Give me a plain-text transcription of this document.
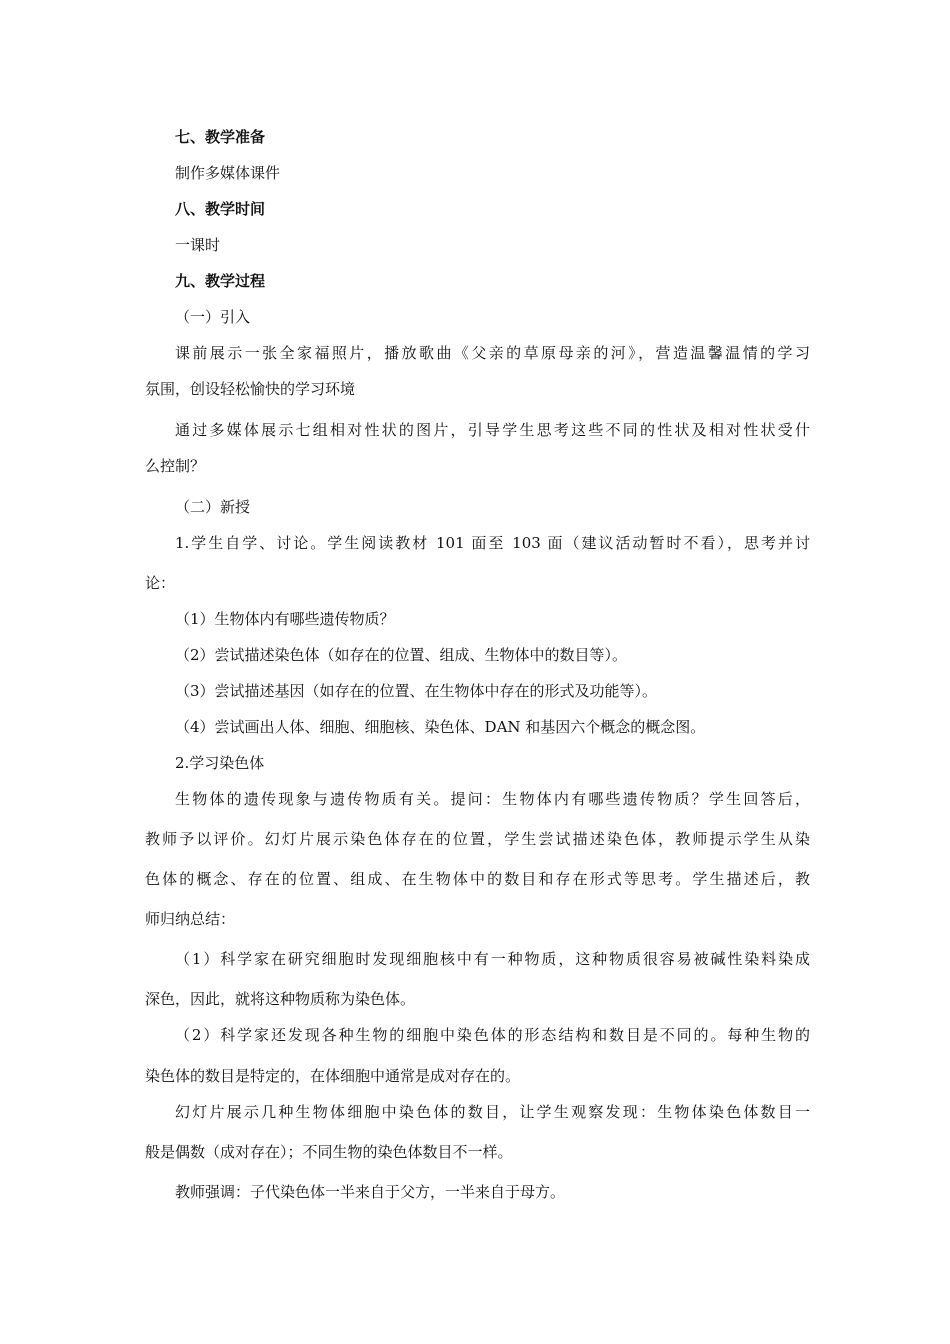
七、教学准备
制作多媒体课件
八、教学时间
一课时
九、教学过程
（一）引入
课前展示一张全家福照片，播放歌曲《父亲的草原母亲的河》，营造温馨温情的学习
氛围，创设轻松愉快的学习环境
通过多媒体展示七组相对性状的图片，引导学生思考这些不同的性状及相对性状受什
么控制？
（二）新授
1.学生自学、讨论。学生阅读教材 101 面至 103 面（建议活动暂时不看），思考并讨
论：
（1）生物体内有哪些遗传物质？
（2）尝试描述染色体（如存在的位置、组成、生物体中的数目等）。
（3）尝试描述基因（如存在的位置、在生物体中存在的形式及功能等）。
（4）尝试画出人体、细胞、细胞核、染色体、DAN 和基因六个概念的概念图。
2.学习染色体
生物体的遗传现象与遗传物质有关。提问：生物体内有哪些遗传物质？学生回答后，
教师予以评价。幻灯片展示染色体存在的位置，学生尝试描述染色体，教师提示学生从染
色体的概念、存在的位置、组成、在生物体中的数目和存在形式等思考。学生描述后，教
师归纳总结：
（1）科学家在研究细胞时发现细胞核中有一种物质，这种物质很容易被碱性染料染成
深色，因此，就将这种物质称为染色体。
（2）科学家还发现各种生物的细胞中染色体的形态结构和数目是不同的。每种生物的
染色体的数目是特定的，在体细胞中通常是成对存在的。
幻灯片展示几种生物体细胞中染色体的数目，让学生观察发现：生物体染色体数目一
般是偶数（成对存在）；不同生物的染色体数目不一样。
教师强调：子代染色体一半来自于父方，一半来自于母方。
